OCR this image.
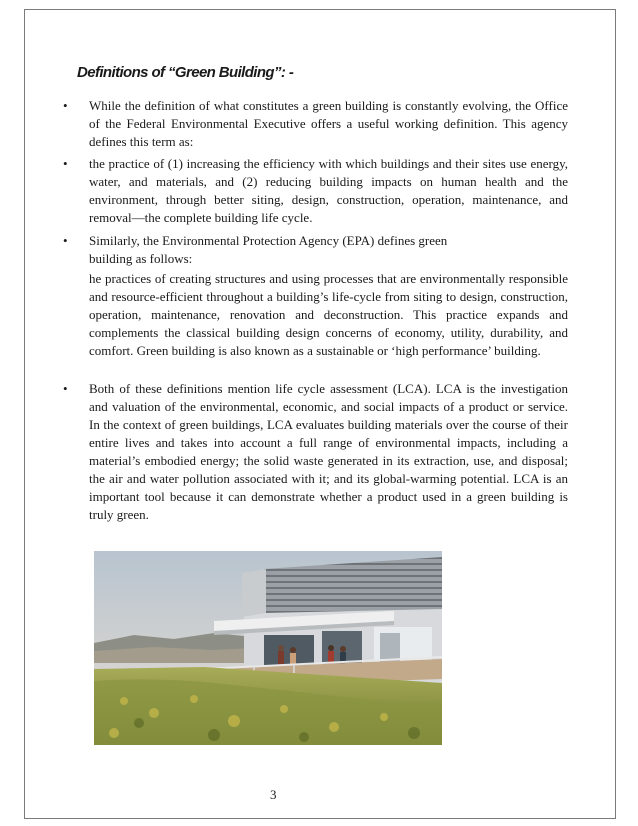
Definitions of “Green Building”: -
• While the definition of what constitutes a green building is constantly evolving, the Office of the Federal Environmental Executive offers a useful working definition. This agency defines this term as:

• the practice of (1) increasing the efficiency with which buildings and their sites use energy, water, and materials, and (2) reducing building impacts on human health and the environment, through better siting, design, construction, operation, maintenance, and removal—the complete building life cycle.

• Similarly, the Environmental Protection Agency (EPA) defines green building as follows:

he practices of creating structures and using processes that are environmentally responsible and resource-efficient throughout a building’s life-cycle from siting to design, construction, operation, maintenance, renovation and deconstruction. This practice expands and complements the classical building design concerns of economy, utility, durability, and comfort. Green building is also known as a sustainable or ‘high performance’ building.

• Both of these definitions mention life cycle assessment (LCA). LCA is the investigation and valuation of the environmental, economic, and social impacts of a product or service. In the context of green buildings, LCA evaluates building materials over the course of their entire lives and takes into account a full range of environmental impacts, including a material’s embodied energy; the solid waste generated in its extraction, use, and disposal; the air and water pollution associated with it; and its global-warming potential. LCA is an important tool because it can demonstrate whether a product used in a green building is truly green.

3
